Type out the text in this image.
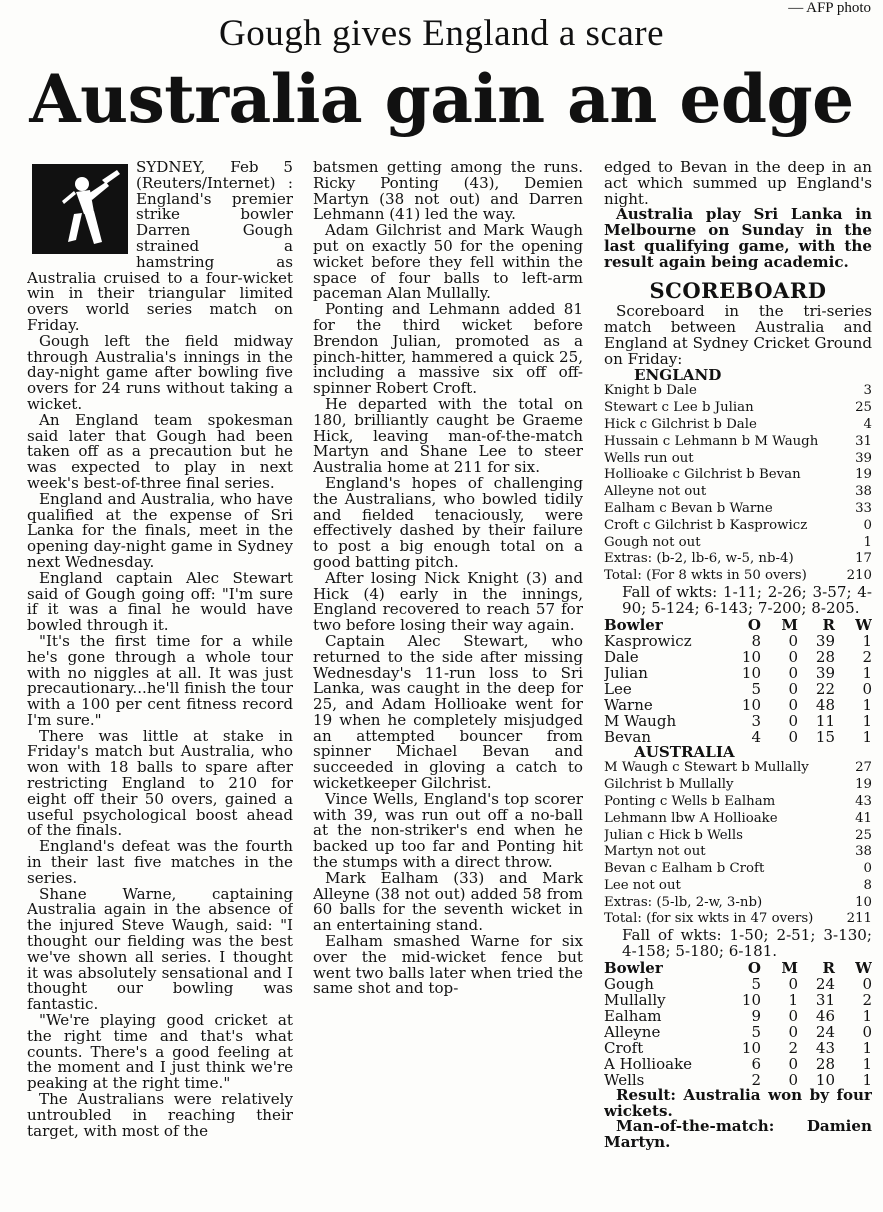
— AFP photo
Gough gives England a scare
Australia gain an edge

SYDNEY, Feb 5 (Reuters/Internet) : England's premier strike bowler Darren Gough strained a hamstring as Australia cruised to a four-wicket win in their triangular limited overs world series match on Friday.

Gough left the field midway through Australia's innings in the day-night game after bowling five overs for 24 runs without taking a wicket.

An England team spokesman said later that Gough had been taken off as a precaution but he was expected to play in next week's best-of-three final series.

England and Australia, who have qualified at the expense of Sri Lanka for the finals, meet in the opening day-night game in Sydney next Wednesday.

England captain Alec Stewart said of Gough going off: "I'm sure if it was a final he would have bowled through it.

"It's the first time for a while he's gone through a whole tour with no niggles at all. It was just precautionary...he'll finish the tour with a 100 per cent fitness record I'm sure."

There was little at stake in Friday's match but Australia, who won with 18 balls to spare after restricting England to 210 for eight off their 50 overs, gained a useful psychological boost ahead of the finals.

England's defeat was the fourth in their last five matches in the series.

Shane Warne, captaining Australia again in the absence of the injured Steve Waugh, said: "I thought our fielding was the best we've shown all series. I thought it was absolutely sensational and I thought our bowling was fantastic.

"We're playing good cricket at the right time and that's what counts. There's a good feeling at the moment and I just think we're peaking at the right time."

The Australians were relatively untroubled in reaching their target, with most of the

batsmen getting among the runs. Ricky Ponting (43), Demien Martyn (38 not out) and Darren Lehmann (41) led the way.

Adam Gilchrist and Mark Waugh put on exactly 50 for the opening wicket before they fell within the space of four balls to left-arm paceman Alan Mullally.

Ponting and Lehmann added 81 for the third wicket before Brendon Julian, promoted as a pinch-hitter, hammered a quick 25, including a massive six off off-spinner Robert Croft.

He departed with the total on 180, brilliantly caught be Graeme Hick, leaving man-of-the-match Martyn and Shane Lee to steer Australia home at 211 for six.

England's hopes of challenging the Australians, who bowled tidily and fielded tenaciously, were effectively dashed by their failure to post a big enough total on a good batting pitch.

After losing Nick Knight (3) and Hick (4) early in the innings, England recovered to reach 57 for two before losing their way again.

Captain Alec Stewart, who returned to the side after missing Wednesday's 11-run loss to Sri Lanka, was caught in the deep for 25, and Adam Hollioake went for 19 when he completely misjudged an attempted bouncer from spinner Michael Bevan and succeeded in gloving a catch to wicketkeeper Gilchrist.

Vince Wells, England's top scorer with 39, was run out off a no-ball at the non-striker's end when he backed up too far and Ponting hit the stumps with a direct throw.

Mark Ealham (33) and Mark Alleyne (38 not out) added 58 from 60 balls for the seventh wicket in an entertaining stand.

Ealham smashed Warne for six over the mid-wicket fence but went two balls later when tried the same shot and top-

edged to Bevan in the deep in an act which summed up England's night.

Australia play Sri Lanka in Melbourne on Sunday in the last qualifying game, with the result again being academic.

SCOREBOARD

Scoreboard in the tri-series match between Australia and England at Sydney Cricket Ground on Friday:

ENGLAND
Knight b Dale	3
Stewart c Lee b Julian	25
Hick c Gilchrist b Dale	4
Hussain c Lehmann b M Waugh	31
Wells run out	39
Hollioake c Gilchrist b Bevan	19
Alleyne not out	38
Ealham c Bevan b Warne	33
Croft c Gilchrist b Kasprowicz	0
Gough not out	1
Extras: (b-2, lb-6, w-5, nb-4)	17
Total: (For 8 wkts in 50 overs)	210
Fall of wkts: 1-11; 2-26; 3-57; 4-90; 5-124; 6-143; 7-200; 8-205.
Bowler	O	M	R	W
Kasprowicz	8	0	39	1
Dale	10	0	28	2
Julian	10	0	39	1
Lee	5	0	22	0
Warne	10	0	48	1
M Waugh	3	0	11	1
Bevan	4	0	15	1
AUSTRALIA
M Waugh c Stewart b Mullally	27
Gilchrist b Mullally	19
Ponting c Wells b Ealham	43
Lehmann lbw A Hollioake	41
Julian c Hick b Wells	25
Martyn not out	38
Bevan c Ealham b Croft	0
Lee not out	8
Extras: (5-lb, 2-w, 3-nb)	10
Total: (for six wkts in 47 overs)	211
Fall of wkts: 1-50; 2-51; 3-130; 4-158; 5-180; 6-181.
Bowler	O	M	R	W
Gough	5	0	24	0
Mullally	10	1	31	2
Ealham	9	0	46	1
Alleyne	5	0	24	0
Croft	10	2	43	1
A Hollioake	6	0	28	1
Wells	2	0	10	1

Result: Australia won by four wickets.

Man-of-the-match: Damien Martyn.
